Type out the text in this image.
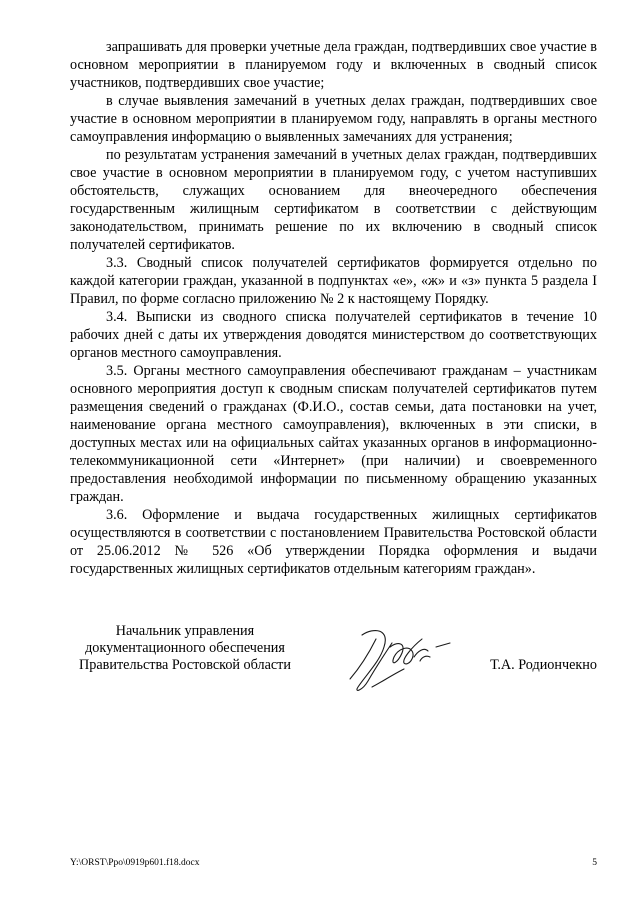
запрашивать для проверки учетные дела граждан, подтвердивших свое участие в основном мероприятии в планируемом году и включенных в сводный список участников, подтвердивших свое участие;

в случае выявления замечаний в учетных делах граждан, подтвердивших свое участие в основном мероприятии в планируемом году, направлять в органы местного самоуправления информацию о выявленных замечаниях для устранения;

по результатам устранения замечаний в учетных делах граждан, подтвердивших свое участие в основном мероприятии в планируемом году, с учетом наступивших обстоятельств, служащих основанием для внеочередного обеспечения государственным жилищным сертификатом в соответствии с действующим законодательством, принимать решение по их включению в сводный список получателей сертификатов.

3.3. Сводный список получателей сертификатов формируется отдельно по каждой категории граждан, указанной в подпунктах «е», «ж» и «з» пункта 5 раздела I Правил, по форме согласно приложению № 2 к настоящему Порядку.

3.4. Выписки из сводного списка получателей сертификатов в течение 10 рабочих дней с даты их утверждения доводятся министерством до соответствующих органов местного самоуправления.

3.5. Органы местного самоуправления обеспечивают гражданам – участникам основного мероприятия доступ к сводным спискам получателей сертификатов путем размещения сведений о гражданах (Ф.И.О., состав семьи, дата постановки на учет, наименование органа местного самоуправления), включенных в эти списки, в доступных местах или на официальных сайтах указанных органов в информационно-телекоммуникационной сети «Интернет» (при наличии) и своевременного предоставления необходимой информации по письменному обращению указанных граждан.

3.6. Оформление и выдача государственных жилищных сертификатов осуществляются в соответствии с постановлением Правительства Ростовской области от 25.06.2012 № 526 «Об утверждении Порядка оформления и выдачи государственных жилищных сертификатов отдельным категориям граждан».

Начальник управления
документационного обеспечения
Правительства Ростовской области	Т.А. Родиончекно
Y:\ORST\Ppo\0919p601.f18.docx	5
